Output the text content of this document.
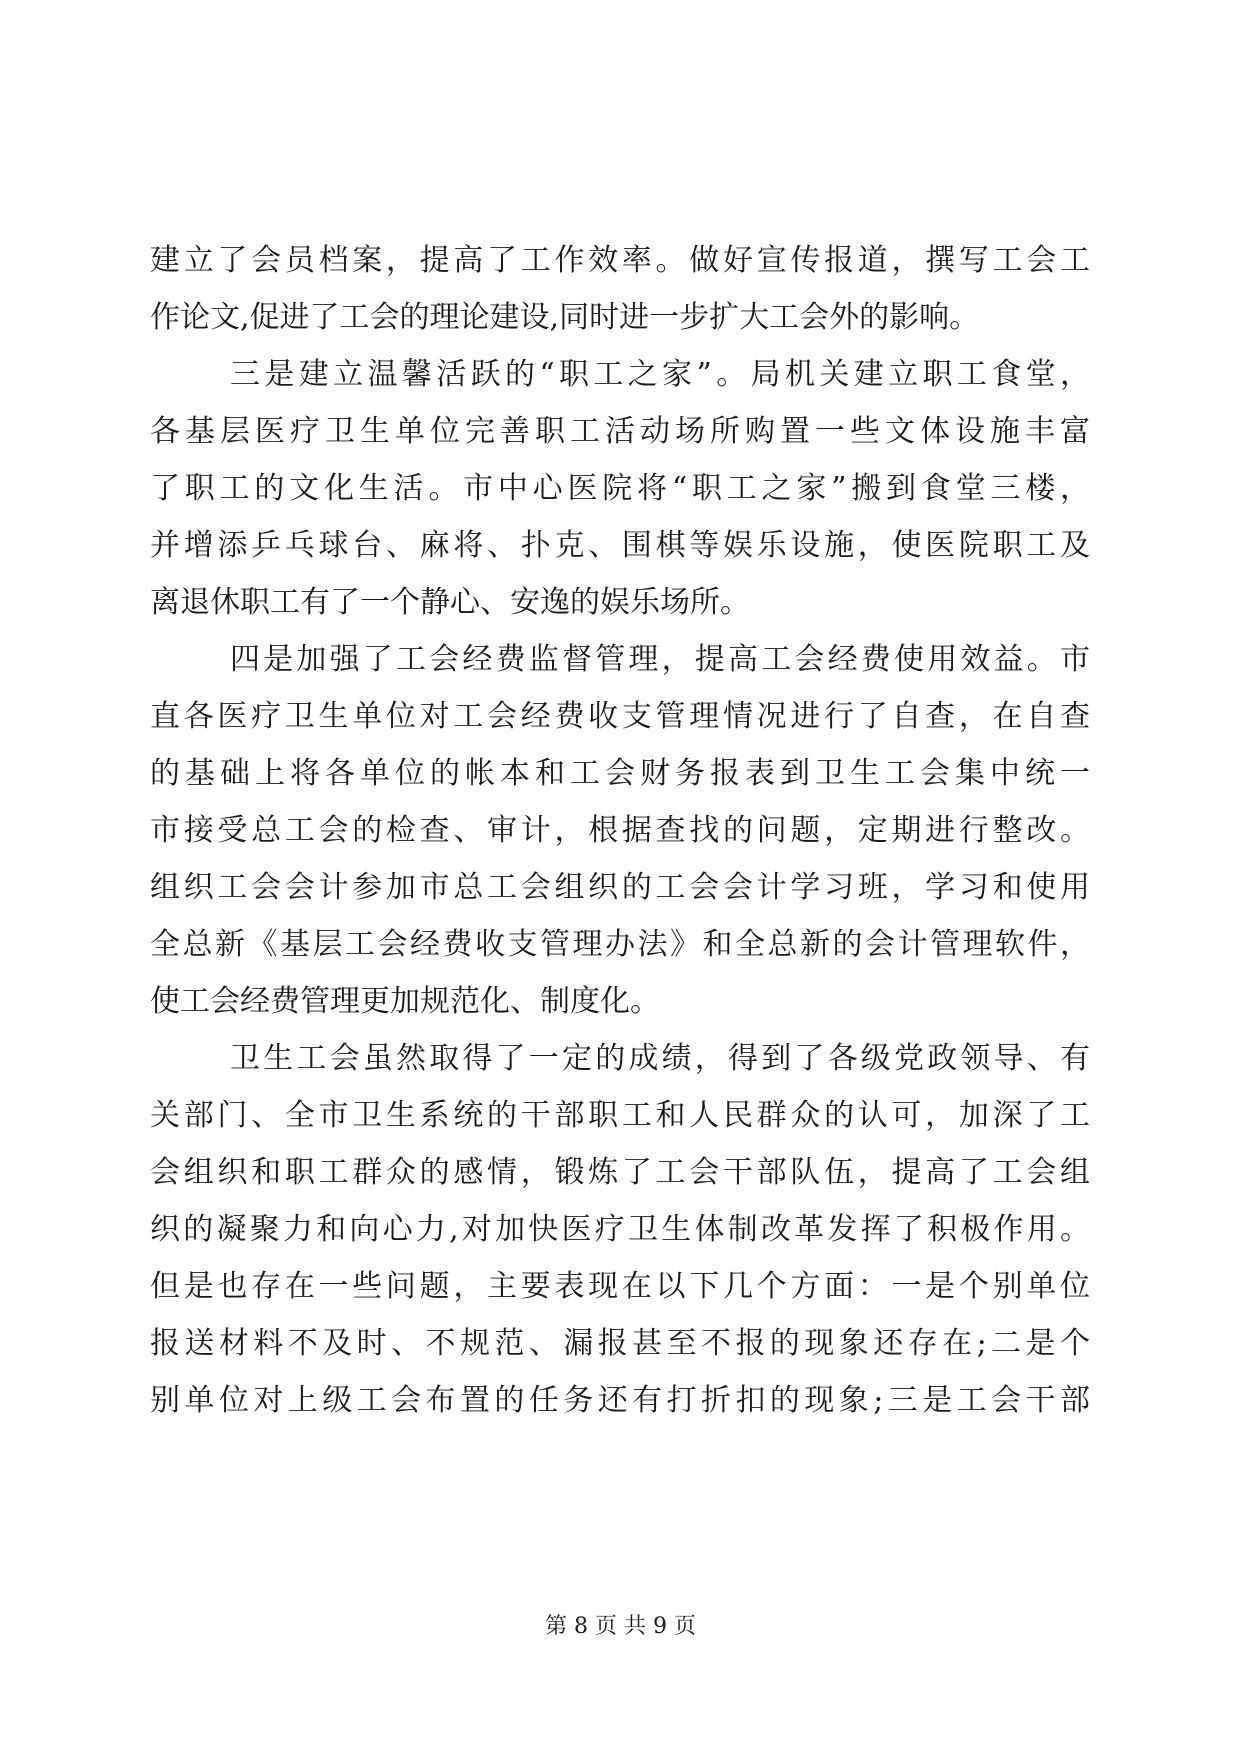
建立了会员档案，提高了工作效率。做好宣传报道，撰写工会工
作论文,促进了工会的理论建设,同时进一步扩大工会外的影响。
三是建立温馨活跃的“职工之家”。局机关建立职工食堂，
各基层医疗卫生单位完善职工活动场所购置一些文体设施丰富
了职工的文化生活。市中心医院将“职工之家”搬到食堂三楼，
并增添乒乓球台、麻将、扑克、围棋等娱乐设施，使医院职工及
离退休职工有了一个静心、安逸的娱乐场所。
四是加强了工会经费监督管理，提高工会经费使用效益。市
直各医疗卫生单位对工会经费收支管理情况进行了自查，在自查
的基础上将各单位的帐本和工会财务报表到卫生工会集中统一
市接受总工会的检查、审计，根据查找的问题，定期进行整改。
组织工会会计参加市总工会组织的工会会计学习班，学习和使用
全总新《基层工会经费收支管理办法》和全总新的会计管理软件，
使工会经费管理更加规范化、制度化。
卫生工会虽然取得了一定的成绩，得到了各级党政领导、有
关部门、全市卫生系统的干部职工和人民群众的认可，加深了工
会组织和职工群众的感情，锻炼了工会干部队伍，提高了工会组
织的凝聚力和向心力,对加快医疗卫生体制改革发挥了积极作用。
但是也存在一些问题，主要表现在以下几个方面：一是个别单位
报送材料不及时、不规范、漏报甚至不报的现象还存在;二是个
别单位对上级工会布置的任务还有打折扣的现象;三是工会干部
第 8 页 共 9 页
